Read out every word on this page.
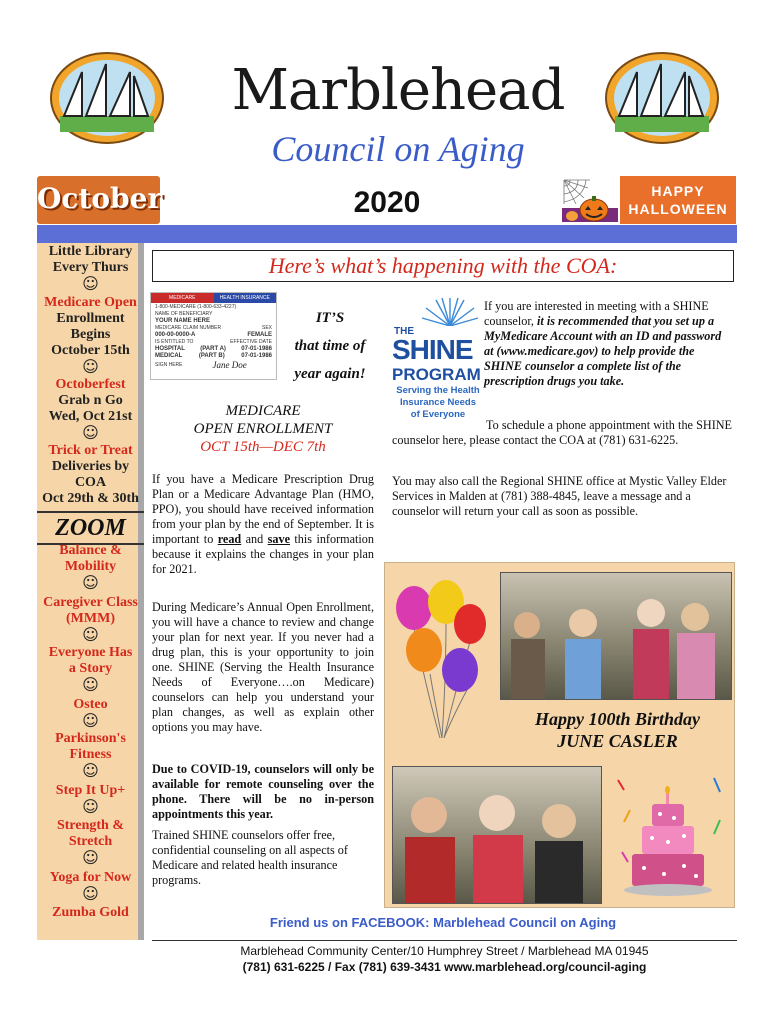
Marblehead
Council on Aging
October	2020	HAPPY
HALLOWEEN
Little Library
Every Thurs
☺
Medicare Open
Enrollment
Begins
October 15th
☺
Octoberfest
Grab n Go
Wed, Oct 21st
☺
Trick or Treat
Deliveries by
COA
Oct 29th & 30th
ZOOM
Balance &
Mobility
☺
Caregiver Class
(MMM)
☺
Everyone Has
a Story
☺
Osteo
☺
Parkinson's
Fitness
☺
Step It Up+
☺
Strength &
Stretch
☺
Yoga for Now
☺
Zumba Gold
Here’s what’s happening with the COA:
MEDICARE	HEALTH INSURANCE
1-800-MEDICARE (1-800-633-4227)
NAME OF BENEFICIARY
YOUR NAME HERE
MEDICARE CLAIM NUMBER	SEX
000-00-0000-A	FEMALE
IS ENTITLED TO	EFFECTIVE DATE
HOSPITAL	(PART A)	07-01-1986
MEDICAL	(PART B)	07-01-1986
SIGN HERE	Jane Doe
IT’S
that time of
year again!
MEDICARE
OPEN ENROLLMENT
OCT 15th—DEC 7th
If you have a Medicare Prescription Drug Plan or a Medicare Advantage Plan (HMO, PPO), you should have received information from your plan by the end of September. It is important to read and save this information because it explains the changes in your plan for 2021.
During Medicare’s Annual Open Enrollment, you will have a chance to review and change your plan for next year. If you never had a drug plan, this is your opportunity to join one. SHINE (Serving the Health Insurance Needs of Everyone….on Medicare) counselors can help you understand your plan changes, as well as explain other options you may have.
Due to COVID-19, counselors will only be available for remote counseling over the phone. There will be no in-person appointments this year.
Trained SHINE counselors offer free, confidential counseling on all aspects of Medicare and related health insurance programs.
THE
SHINE
PROGRAM
Serving the Health
Insurance Needs
of Everyone
If you are interested in meeting with a SHINE counselor, it is recommended that you set up a MyMedicare Account with an ID and password at (www.medicare.gov) to help provide the SHINE counselor a complete list of the prescription drugs you take.
To schedule a phone appointment with the SHINE counselor here, please contact the COA at (781) 631-6225.
You may also call the Regional SHINE office at Mystic Valley Elder Services in Malden at (781) 388-4845, leave a message and a counselor will return your call as soon as possible.
Happy 100th Birthday
JUNE CASLER
Friend us on FACEBOOK: Marblehead Council on Aging
Marblehead Community Center/10 Humphrey Street / Marblehead MA 01945
(781) 631-6225 / Fax (781) 639-3431 www.marblehead.org/council-aging
